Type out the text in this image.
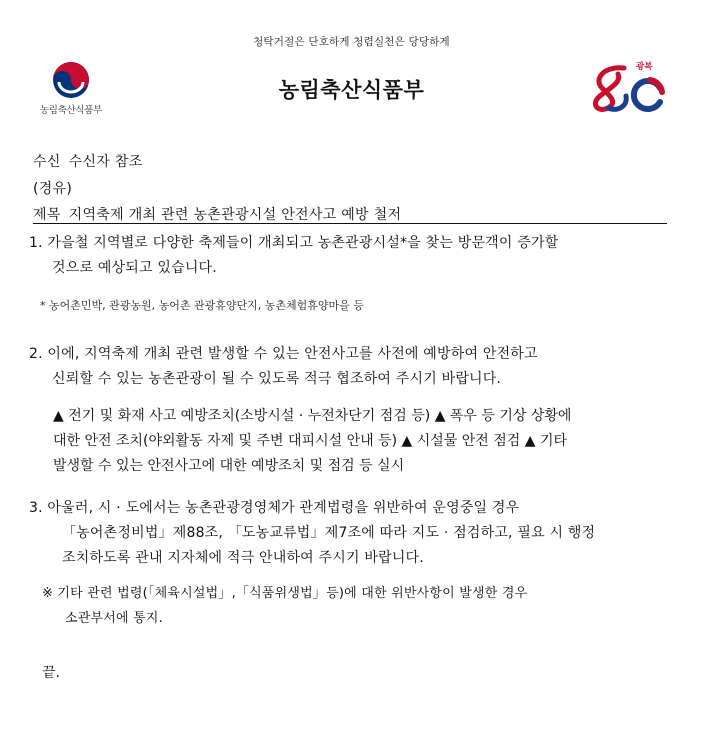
청탁거절은 단호하게 청렴실천은 당당하게
농림축산식품부
농림축산식품부
광복
수신 수신자 참조
(경유)
제목 지역축제 개최 관련 농촌관광시설 안전사고 예방 철저
1. 가을철 지역별로 다양한 축제들이 개최되고 농촌관광시설*을 찾는 방문객이 증가할
것으로 예상되고 있습니다.
* 농어촌민박, 관광농원, 농어촌 관광휴양단지, 농촌체험휴양마을 등
2. 이에, 지역축제 개최 관련 발생할 수 있는 안전사고를 사전에 예방하여 안전하고
신뢰할 수 있는 농촌관광이 될 수 있도록 적극 협조하여 주시기 바랍니다.
▲ 전기 및 화재 사고 예방조치(소방시설 · 누전차단기 점검 등) ▲ 폭우 등 기상 상황에
대한 안전 조치(야외활동 자제 및 주변 대피시설 안내 등) ▲ 시설물 안전 점검 ▲ 기타
발생할 수 있는 안전사고에 대한 예방조치 및 점검 등 실시
3. 아울러, 시 · 도에서는 농촌관광경영체가 관계법령을 위반하여 운영중일 경우
「농어촌정비법」제88조, 「도농교류법」제7조에 따라 지도 · 점검하고, 필요 시 행정
조치하도록 관내 지자체에 적극 안내하여 주시기 바랍니다.
※ 기타 관련 법령(「체육시설법」,「식품위생법」등)에 대한 위반사항이 발생한 경우
소관부서에 통지.
끝.
